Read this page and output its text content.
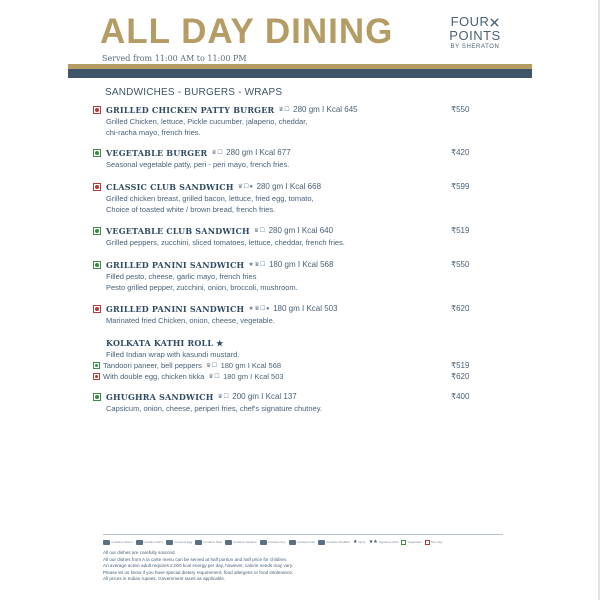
ALL DAY DINING
Served from 11:00 AM to 11:00 PM
FOUR
POINTS
BY SHERATON
SANDWICHES - BURGERS - WRAPS
GRILLED CHICKEN PATTY BURGER ♛☐ 280 gm I Kcal 645
Grilled Chicken, lettuce, Pickle cucumber, jalapeno, cheddar,
chi-racha mayo, french fries.
₹550
VEGETABLE BURGER ♛☐ 280 gm I Kcal 677
Seasonal vegetable patty, peri - peri mayo, french fries.
₹420
CLASSIC CLUB SANDWICH ♛☐● 280 gm I Kcal 668
Grilled chicken breast, grilled bacon, lettuce, fried egg, tomato,
Choice of toasted white / brown bread, french fries.
₹599
VEGETABLE CLUB SANDWICH ♛☐ 280 gm I Kcal 640
Grilled peppers, zucchini, sliced tomatoes, lettuce, cheddar, french fries.
₹519
GRILLED PANINI SANDWICH ★♛☐ 180 gm I Kcal 568
Filled pesto, cheese, garlic mayo, french fries
Pesto grilled pepper, zucchini, onion, broccoli, mushroom.
₹550
GRILLED PANINI SANDWICH ★♛☐● 180 gm I Kcal 503
Marinated fried Chicken, onion, cheese, vegetable.
₹620
KOLKATA KATHI ROLL ★
Filled Indian wrap with kasundi mustard.
Tandoori paneer, bell peppers ♛☐ 180 gm I Kcal 568
With double egg, chicken tikka ♛☐ 180 gm I Kcal 503
₹519
₹620
GHUGHRA SANDWICH ♛☐ 200 gm I Kcal 137
Capsicum, onion, cheese, periperi fries, chef's signature chutney.
₹400
Contains Gluten	Contains Dairy	Contains Egg	Contains Nuts	Contains Sesame	Contains Soy	Contains Fish	Contains Shellfish ★ Spicy ★★ Signature Dish	Vegetarian	Non Veg
All our dishes are carefully sourced.
All our dishes from A la carte menu can be served at half portion and half price for children.
An average active adult requires 2,000 kcal energy per day, however, calorie needs may vary.
Please let us know if you have special dietary requirement, food allergens or food intolerance.
All prices in Indian rupees, Government taxes as applicable.
